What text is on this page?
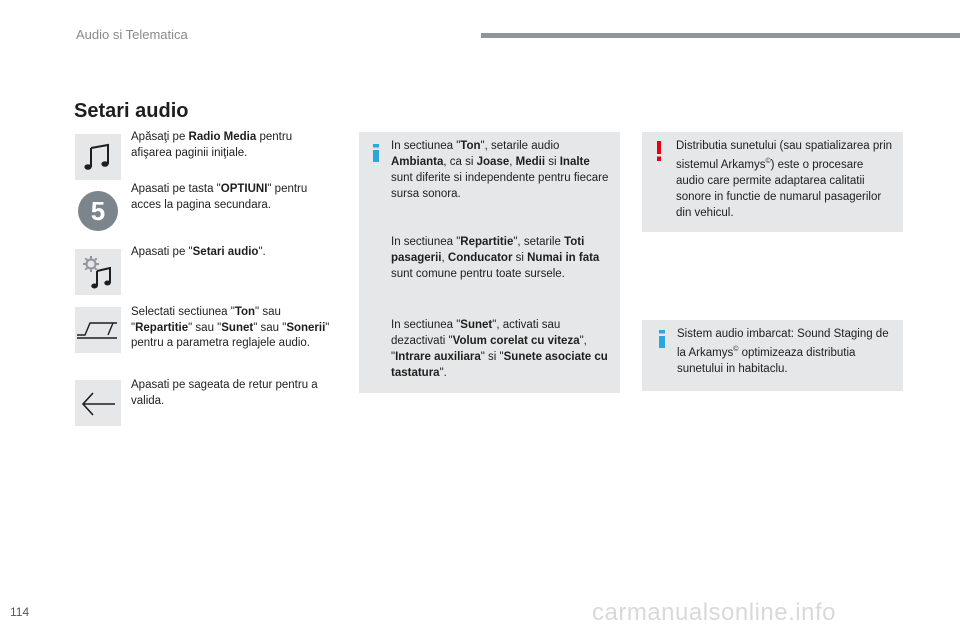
Audio si Telematica
Setari audio
Apăsaţi pe Radio Media pentru afişarea paginii iniţiale.
5
Apasati pe tasta "OPTIUNI" pentru acces la pagina secundara.
Apasati pe "Setari audio".
Selectati sectiunea "Ton" sau "Repartitie" sau "Sunet" sau "Sonerii" pentru a parametra reglajele audio.
Apasati pe sageata de retur pentru a valida.
In sectiunea "Ton", setarile audio Ambianta, ca si Joase, Medii si Inalte sunt diferite si independente pentru fiecare sursa sonora.
In sectiunea "Repartitie", setarile Toti pasagerii, Conducator si Numai in fata sunt comune pentru toate sursele.
In sectiunea "Sunet", activati sau dezactivati "Volum corelat cu viteza", "Intrare auxiliara" si "Sunete asociate cu tastatura".
Distributia sunetului (sau spatializarea prin sistemul Arkamys©) este o procesare audio care permite adaptarea calitatii sonore in functie de numarul pasagerilor din vehicul.
Sistem audio imbarcat: Sound Staging de la Arkamys© optimizeaza distributia sunetului in habitaclu.
114	carmanualsonline.info
